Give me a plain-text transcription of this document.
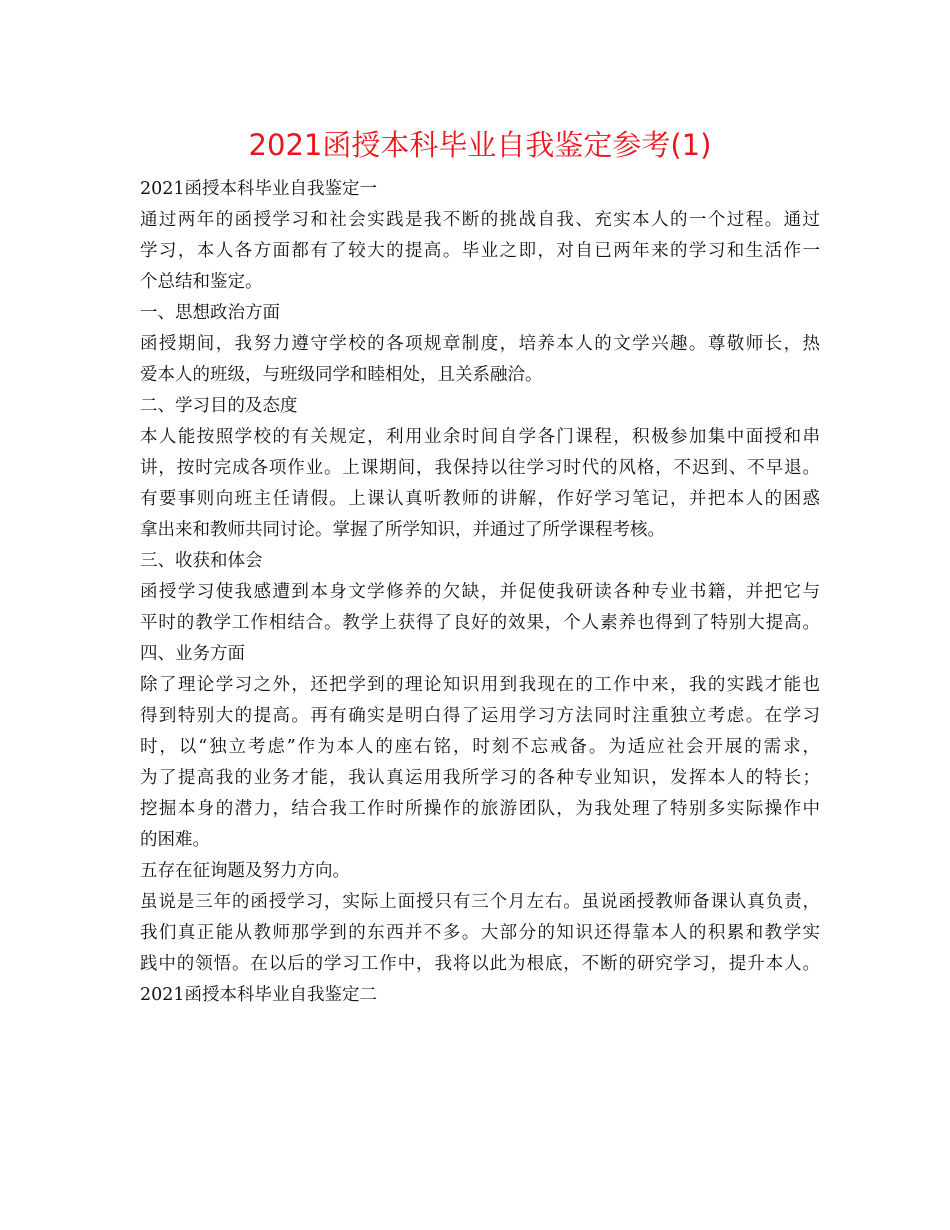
2021函授本科毕业自我鉴定参考(1)
2021函授本科毕业自我鉴定一
通过两年的函授学习和社会实践是我不断的挑战自我、充实本人的一个过程。通过
学习，本人各方面都有了较大的提高。毕业之即，对自已两年来的学习和生活作一
个总结和鉴定。
一、思想政治方面
函授期间，我努力遵守学校的各项规章制度，培养本人的文学兴趣。尊敬师长，热
爱本人的班级，与班级同学和睦相处，且关系融洽。
二、学习目的及态度
本人能按照学校的有关规定，利用业余时间自学各门课程，积极参加集中面授和串
讲，按时完成各项作业。上课期间，我保持以往学习时代的风格，不迟到、不早退。
有要事则向班主任请假。上课认真听教师的讲解，作好学习笔记，并把本人的困惑
拿出来和教师共同讨论。掌握了所学知识，并通过了所学课程考核。
三、收获和体会
函授学习使我感遭到本身文学修养的欠缺，并促使我研读各种专业书籍，并把它与
平时的教学工作相结合。教学上获得了良好的效果，个人素养也得到了特别大提高。
四、业务方面
除了理论学习之外，还把学到的理论知识用到我现在的工作中来，我的实践才能也
得到特别大的提高。再有确实是明白得了运用学习方法同时注重独立考虑。在学习
时，以“独立考虑”作为本人的座右铭，时刻不忘戒备。为适应社会开展的需求，
为了提高我的业务才能，我认真运用我所学习的各种专业知识，发挥本人的特长；
挖掘本身的潜力，结合我工作时所操作的旅游团队，为我处理了特别多实际操作中
的困难。
五存在征询题及努力方向。
虽说是三年的函授学习，实际上面授只有三个月左右。虽说函授教师备课认真负责，
我们真正能从教师那学到的东西并不多。大部分的知识还得靠本人的积累和教学实
践中的领悟。在以后的学习工作中，我将以此为根底，不断的研究学习，提升本人。
2021函授本科毕业自我鉴定二
